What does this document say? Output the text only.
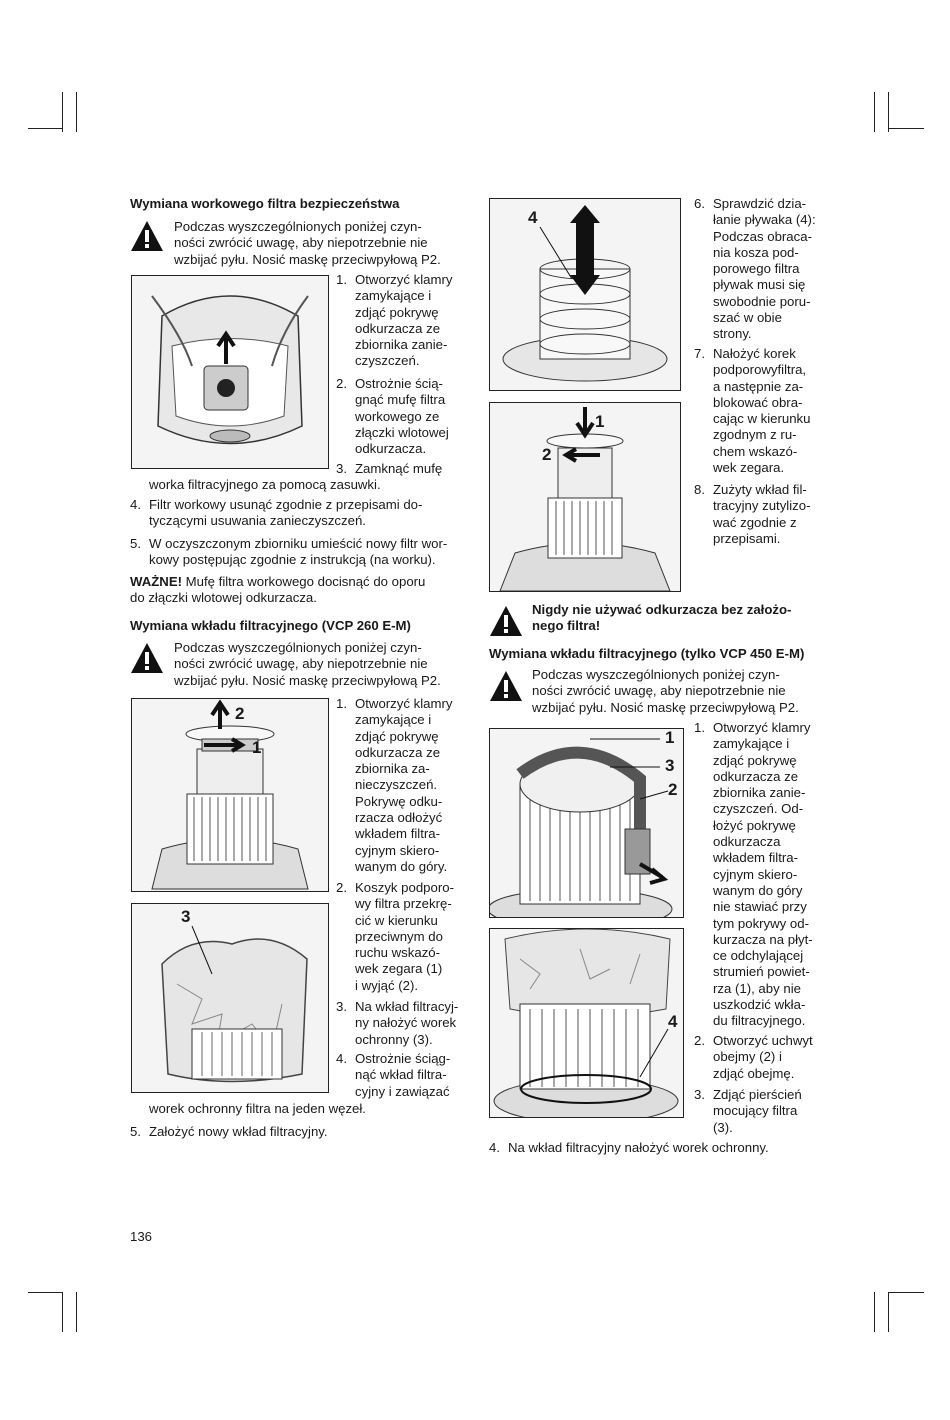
Wymiana workowego filtra bezpieczeństwa
Podczas wyszczególnionych poniżej czyn-
ności zwrócić uwagę, aby niepotrzebnie nie
wzbijać pyłu. Nosić maskę przeciwpyłową P2.
1. Otworzyć klamry
zamykające i
zdjąć pokrywę
odkurzacza ze
zbiornika zanie-
czyszczeń.
2. Ostrożnie ścią-
gnąć mufę filtra
workowego ze
złączki wlotowej
odkurzacza.
3. Zamknąć mufę
worka filtracyjnego za pomocą zasuwki.
4. Filtr workowy usunąć zgodnie z przepisami do-
tyczącymi usuwania zanieczyszczeń.
5. W oczyszczonym zbiorniku umieścić nowy filtr wor-
kowy postępując zgodnie z instrukcją (na worku).
WAŻNE! Mufę filtra workowego docisnąć do oporu
do złączki wlotowej odkurzacza.
Wymiana wkładu filtracyjnego (VCP 260 E-M)
Podczas wyszczególnionych poniżej czyn-
ności zwrócić uwagę, aby niepotrzebnie nie
wzbijać pyłu. Nosić maskę przeciwpyłową P2.
2
1
3
1. Otworzyć klamry
zamykające i
zdjąć pokrywę
odkurzacza ze
zbiornika za-
nieczyszczeń.
Pokrywę odku-
rzacza odłożyć
wkładem filtra-
cyjnym skiero-
wanym do góry.
2. Koszyk podporo-
wy filtra przekrę-
cić w kierunku
przeciwnym do
ruchu wskazó-
wek zegara (1)
i wyjąć (2).
3. Na wkład filtracyj-
ny nałożyć worek
ochronny (3).
4. Ostrożnie ściąg-
nąć wkład filtra-
cyjny i zawiązać
worek ochronny filtra na jeden węzeł.
5. Założyć nowy wkład filtracyjny.
136
4
1
2
6. Sprawdzić dzia-
łanie pływaka (4):
Podczas obraca-
nia kosza pod-
porowego filtra
pływak musi się
swobodnie poru-
szać w obie
strony.
7. Nałożyć korek
podporowyfiltra,
a następnie za-
blokować obra-
cając w kierunku
zgodnym z ru-
chem wskazó-
wek zegara.
8. Zużyty wkład fil-
tracyjny zutylizo-
wać zgodnie z
przepisami.
Nigdy nie używać odkurzacza bez założo-
nego filtra!
Wymiana wkładu filtracyjnego (tylko VCP 450 E-M)
Podczas wyszczególnionych poniżej czyn-
ności zwrócić uwagę, aby niepotrzebnie nie
wzbijać pyłu. Nosić maskę przeciwpyłową P2.
1
3
2
4
1. Otworzyć klamry
zamykające i
zdjąć pokrywę
odkurzacza ze
zbiornika zanie-
czyszczeń. Od-
łożyć pokrywę
odkurzacza
wkładem filtra-
cyjnym skiero-
wanym do góry
nie stawiać przy
tym pokrywy od-
kurzacza na płyt-
ce odchylającej
strumień powiet-
rza (1), aby nie
uszkodzić wkła-
du filtracyjnego.
2. Otworzyć uchwyt
obejmy (2) i
zdjąć obejmę.
3. Zdjąć pierścień
mocujący filtra
(3).
4. Na wkład filtracyjny nałożyć worek ochronny.
